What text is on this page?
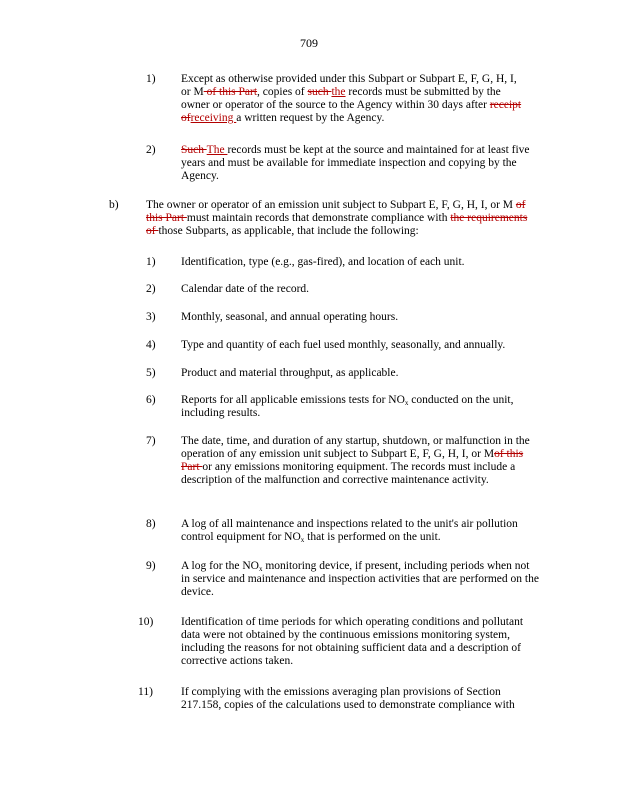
709
1) Except as otherwise provided under this Subpart or Subpart E, F, G, H, I, or M of this Part, copies of such the records must be submitted by the owner or operator of the source to the Agency within 30 days after receipt ofreceiving a written request by the Agency.
2) Such The records must be kept at the source and maintained for at least five years and must be available for immediate inspection and copying by the Agency.
b) The owner or operator of an emission unit subject to Subpart E, F, G, H, I, or M of this Part must maintain records that demonstrate compliance with the requirements of those Subparts, as applicable, that include the following:
1) Identification, type (e.g., gas-fired), and location of each unit.
2) Calendar date of the record.
3) Monthly, seasonal, and annual operating hours.
4) Type and quantity of each fuel used monthly, seasonally, and annually.
5) Product and material throughput, as applicable.
6) Reports for all applicable emissions tests for $NO_x$ conducted on the unit, including results.
7) The date, time, and duration of any startup, shutdown, or malfunction in the operation of any emission unit subject to Subpart E, F, G, H, I, or Mof this Part or any emissions monitoring equipment. The records must include a description of the malfunction and corrective maintenance activity.
8) A log of all maintenance and inspections related to the unit's air pollution control equipment for $NO_x$ that is performed on the unit.
9) A log for the $NO_x$ monitoring device, if present, including periods when not in service and maintenance and inspection activities that are performed on the device.
10) Identification of time periods for which operating conditions and pollutant data were not obtained by the continuous emissions monitoring system, including the reasons for not obtaining sufficient data and a description of corrective actions taken.
11) If complying with the emissions averaging plan provisions of Section 217.158, copies of the calculations used to demonstrate compliance with
